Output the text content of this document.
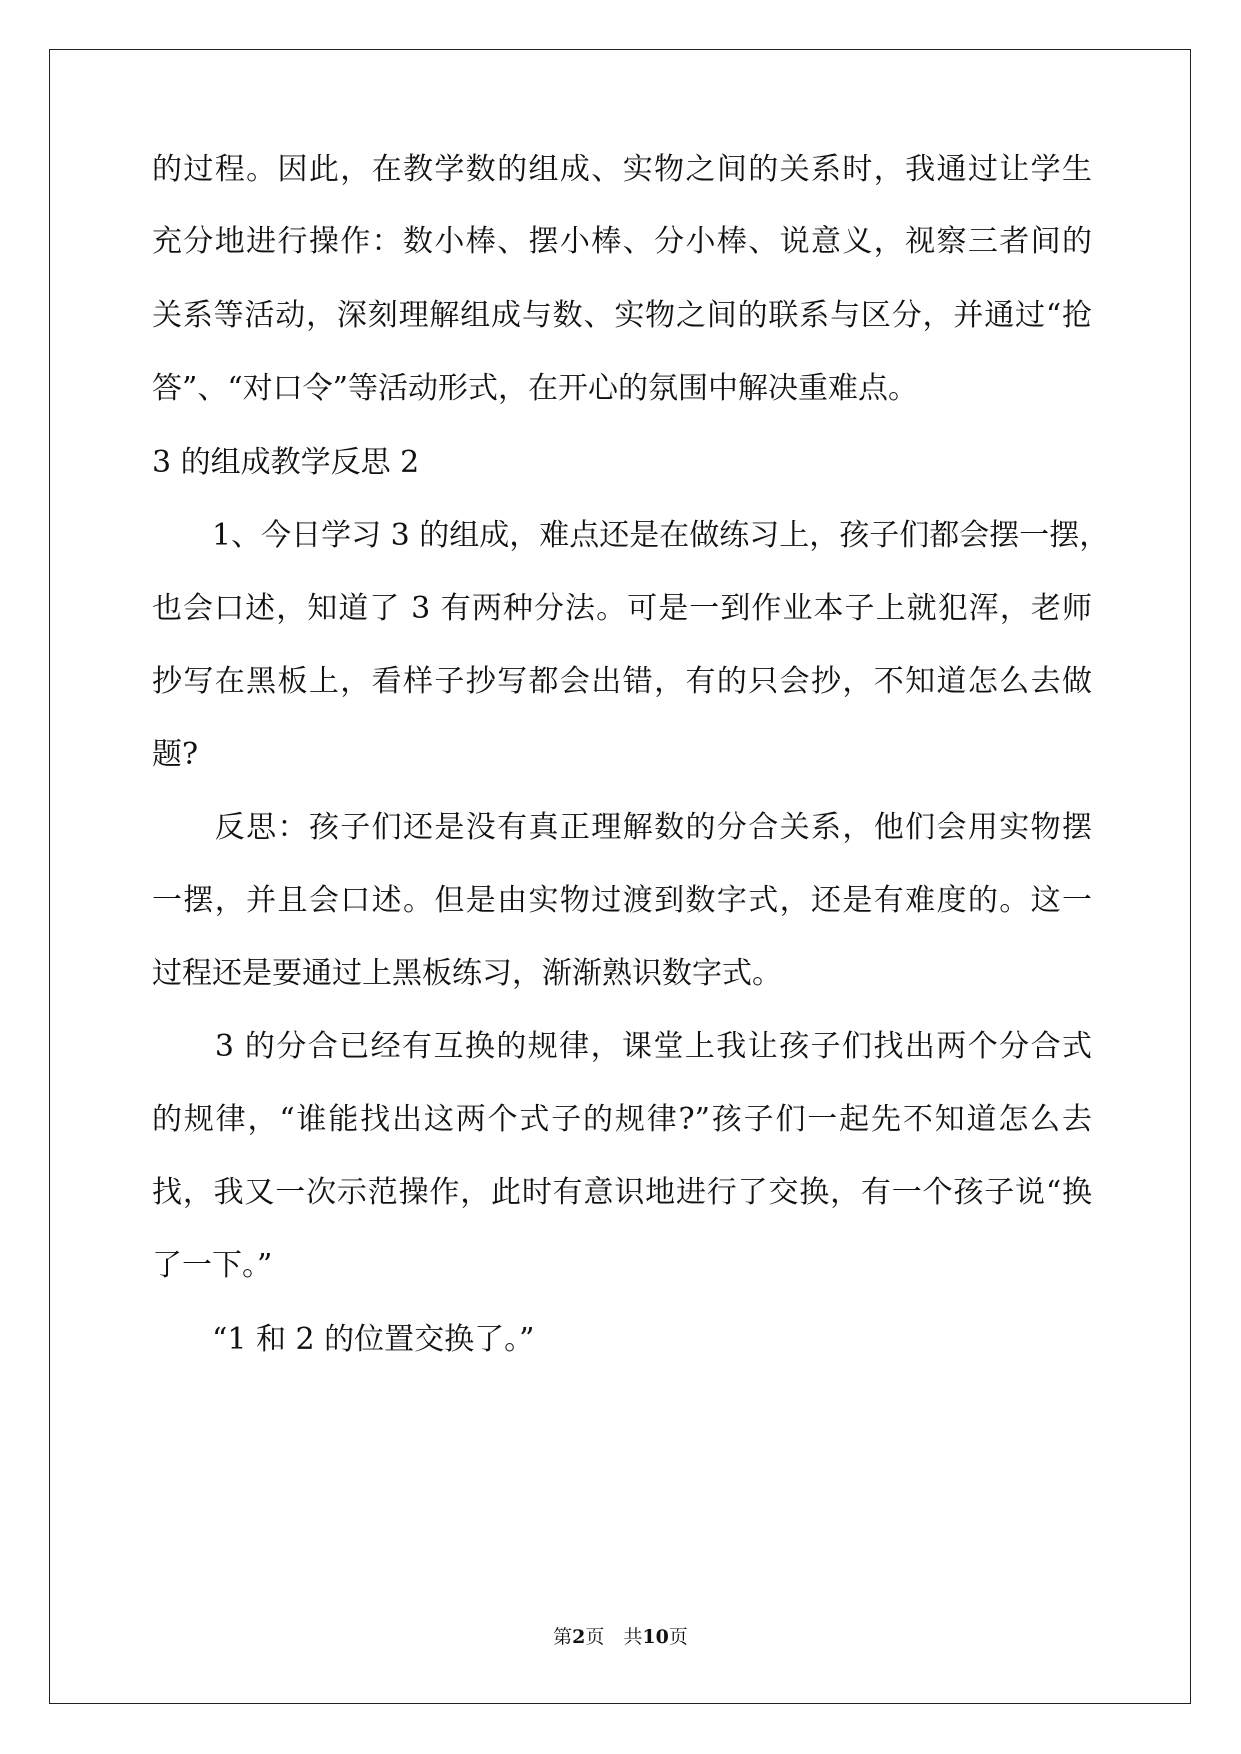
的过程。因此，在教学数的组成、实物之间的关系时，我通过让学生
充分地进行操作：数小棒、摆小棒、分小棒、说意义，视察三者间的
关系等活动，深刻理解组成与数、实物之间的联系与区分，并通过“抢
答”、“对口令”等活动形式，在开心的氛围中解决重难点。
3 的组成教学反思 2
　　1、今日学习 3 的组成，难点还是在做练习上，孩子们都会摆一摆，
也会口述，知道了 3 有两种分法。可是一到作业本子上就犯浑，老师
抄写在黑板上，看样子抄写都会出错，有的只会抄，不知道怎么去做
题?
　　反思：孩子们还是没有真正理解数的分合关系，他们会用实物摆
一摆，并且会口述。但是由实物过渡到数字式，还是有难度的。这一
过程还是要通过上黑板练习，渐渐熟识数字式。
　　3 的分合已经有互换的规律，课堂上我让孩子们找出两个分合式
的规律，“谁能找出这两个式子的规律?”孩子们一起先不知道怎么去
找，我又一次示范操作，此时有意识地进行了交换，有一个孩子说“换
了一下。”
　　“1 和 2 的位置交换了。”
第2页　共10页
